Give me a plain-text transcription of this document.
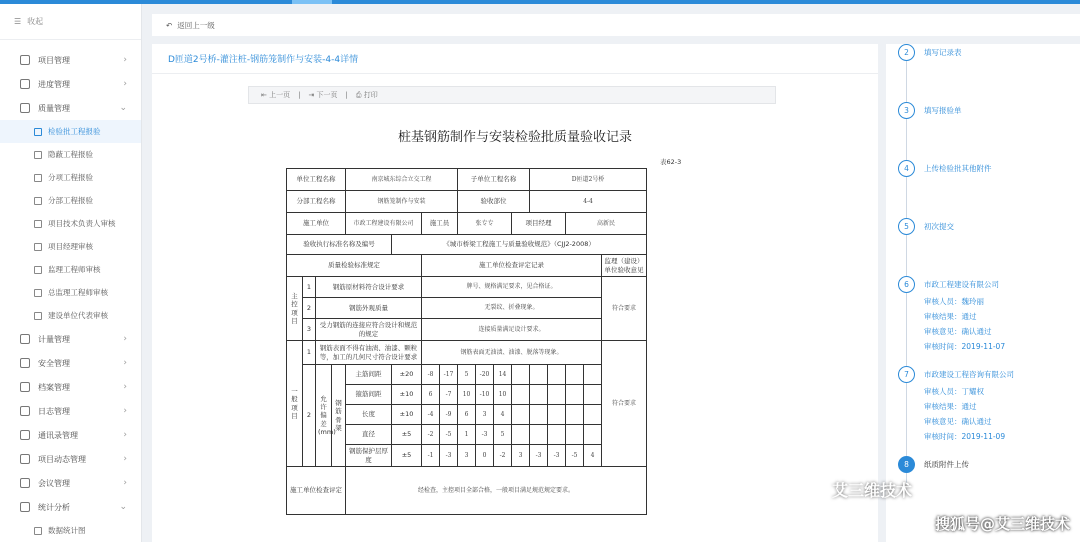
☰ 收起
项目管理	›
进度管理	›
质量管理	⌄
检验批工程报验
隐蔽工程报验
分项工程报验
分部工程报验
项目技术负责人审核
项目经理审核
监理工程师审核
总监理工程师审核
建设单位代表审核
计量管理	›
安全管理	›
档案管理	›
日志管理	›
通讯录管理	›
项目动态管理	›
会议管理	›
统计分析	⌄
数据统计图
↶ 返回上一级
D匝道2号桥-灌注桩-钢筋笼制作与安装-4-4详情
⇤ 上一页 | ⇥ 下一页 | ⎙ 打印
桩基钢筋制作与安装检验批质量验收记录
表62-3
单位工程名称				南京城东综合立交工程				子单位工程名称				D匝道2号桥				
分部工程名称				钢筋笼制作与安装				验收部位				4-4				
施工单位				市政工程建设有限公司		施工员		张专专			项目经理			高新民		
验收执行标准名称及编号					《城市桥梁工程施工与质量验收规范》（CJJ2-2008）											
质量检验标准规定						施工单位检查评定记录										监理（建设）单位验收意见
主控项目	1	钢筋原材料符合设计要求				牌号、规格满足要求，见合格证。										符合要求
	2	钢筋外观质量				无裂纹、折叠现象。										
	3	受力钢筋的连接应符合设计和规范的规定				连接质量满足设计要求。										
一般项目	1	钢筋表面不得有油渍、油漆、颗粒等，加工的几何尺寸符合设计要求				钢筋表面无油渍、油漆、脱落等现象。										符合要求
	2	允许偏差(mm)	钢筋骨架	主筋间距	±20	-8	-17	5	-20	14						
				箍筋间距	±10	6	-7	10	-10	10						
				长度	±10	-4	-9	6	3	4						
				直径	±5	-2	-5	1	-3	5						
				钢筋保护层厚度	±5	-1	-3	3	0	-2	3	-3	-3	-5	4	
施工单位检查评定				经检查，主控项目全部合格，一般项目满足规范规定要求。												
2	填写记录表
3	填写报验单
4	上传检验批其他附件
5	初次提交
6	市政工程建设有限公司
审核人员：魏玲丽
审核结果：通过
审核意见：确认通过
审核时间：2019-11-07
7	市政建设工程咨询有限公司
审核人员：丁耀权
审核结果：通过
审核意见：确认通过
审核时间：2019-11-09
8	纸质附件上传
艾三维技术
搜狐号@艾三维技术
